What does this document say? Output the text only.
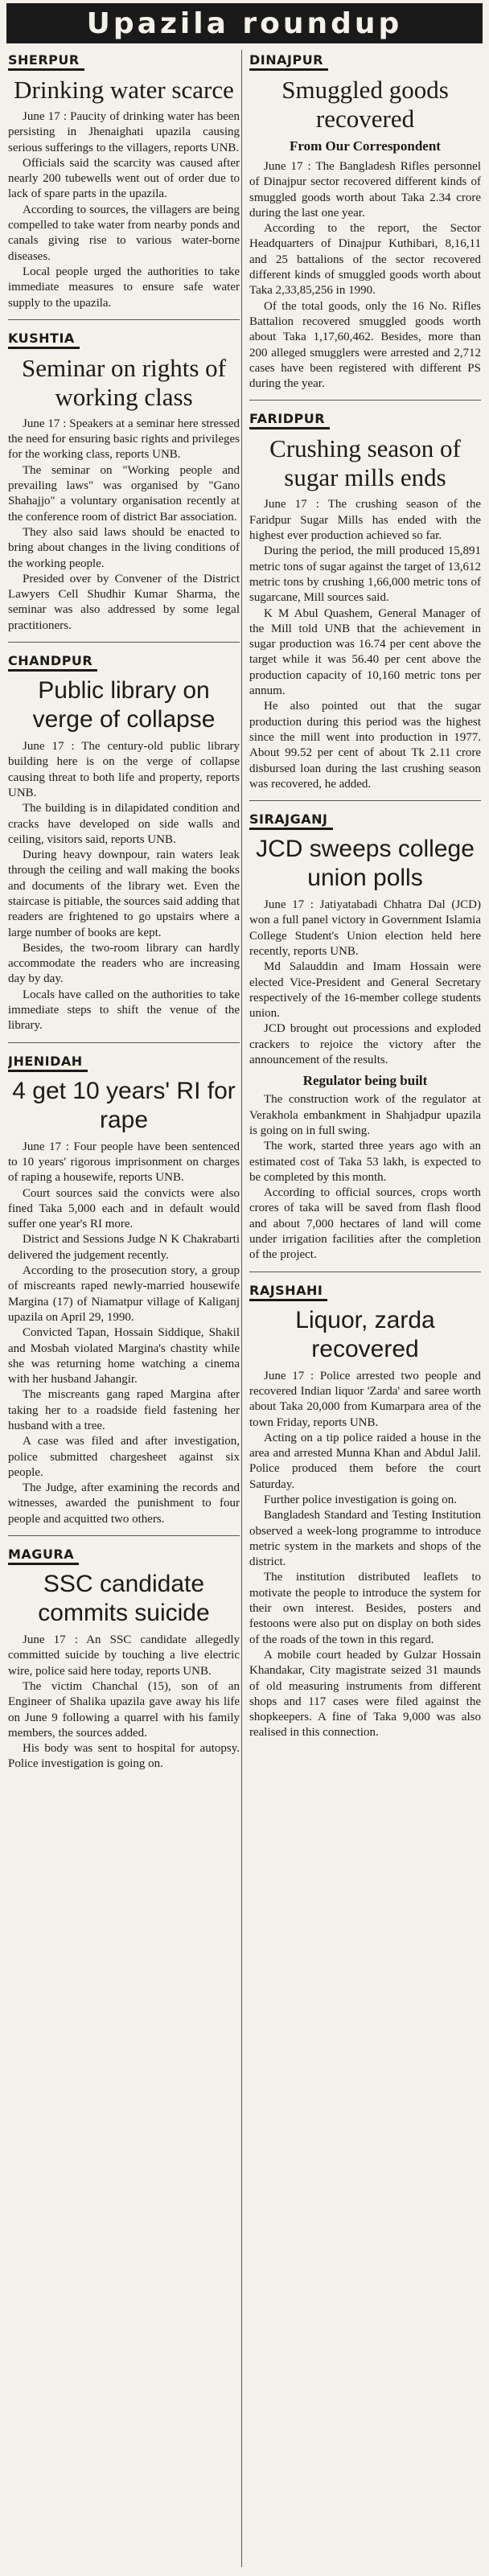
Upazila roundup
SHERPUR
Drinking water scarce

June 17 : Paucity of drinking water has been persisting in Jhenaighati upazila causing serious sufferings to the villagers, reports UNB.

Officials said the scarcity was caused after nearly 200 tubewells went out of order due to lack of spare parts in the upazila.

According to sources, the villagers are being compelled to take water from nearby ponds and canals giving rise to various water-borne diseases.

Local people urged the authorities to take immediate measures to ensure safe water supply to the upazila.

KUSHTIA
Seminar on rights of working class

June 17 : Speakers at a seminar here stressed the need for ensuring basic rights and privileges for the working class, reports UNB.

The seminar on "Working people and prevailing laws" was organised by "Gano Shahajjo" a voluntary organisation recently at the conference room of district Bar association.

They also said laws should be enacted to bring about changes in the living conditions of the working people.

Presided over by Convener of the District Lawyers Cell Shudhir Kumar Sharma, the seminar was also addressed by some legal practitioners.

CHANDPUR
Public library on verge of collapse

June 17 : The century-old public library building here is on the verge of collapse causing threat to both life and property, reports UNB.

The building is in dilapidated condition and cracks have developed on side walls and ceiling, visitors said, reports UNB.

During heavy downpour, rain waters leak through the ceiling and wall making the books and documents of the library wet. Even the staircase is pitiable, the sources said adding that readers are frightened to go upstairs where a large number of books are kept.

Besides, the two-room library can hardly accommodate the readers who are increasing day by day.

Locals have called on the authorities to take immediate steps to shift the venue of the library.

JHENIDAH
4 get 10 years' RI for rape

June 17 : Four people have been sentenced to 10 years' rigorous imprisonment on charges of raping a housewife, reports UNB.

Court sources said the convicts were also fined Taka 5,000 each and in default would suffer one year's RI more.

District and Sessions Judge N K Chakrabarti delivered the judgement recently.

According to the prosecution story, a group of miscreants raped newly-married housewife Margina (17) of Niamatpur village of Kaliganj upazila on April 29, 1990.

Convicted Tapan, Hossain Siddique, Shakil and Mosbah violated Margina's chastity while she was returning home watching a cinema with her husband Jahangir.

The miscreants gang raped Margina after taking her to a roadside field fastening her husband with a tree.

A case was filed and after investigation, police submitted chargesheet against six people.

The Judge, after examining the records and witnesses, awarded the punishment to four people and acquitted two others.

MAGURA
SSC candidate commits suicide

June 17 : An SSC candidate allegedly committed suicide by touching a live electric wire, police said here today, reports UNB.

The victim Chanchal (15), son of an Engineer of Shalika upazila gave away his life on June 9 following a quarrel with his family members, the sources added.

His body was sent to hospital for autopsy. Police investigation is going on.

DINAJPUR
Smuggled goods recovered
From Our Correspondent

June 17 : The Bangladesh Rifles personnel of Dinajpur sector recovered different kinds of smuggled goods worth about Taka 2.34 crore during the last one year.

According to the report, the Sector Headquarters of Dinajpur Kuthibari, 8,16,11 and 25 battalions of the sector recovered different kinds of smuggled goods worth about Taka 2,33,85,256 in 1990.

Of the total goods, only the 16 No. Rifles Battalion recovered smuggled goods worth about Taka 1,17,60,462. Besides, more than 200 alleged smugglers were arrested and 2,712 cases have been registered with different PS during the year.

FARIDPUR
Crushing season of sugar mills ends

June 17 : The crushing season of the Faridpur Sugar Mills has ended with the highest ever production achieved so far.

During the period, the mill produced 15,891 metric tons of sugar against the target of 13,612 metric tons by crushing 1,66,000 metric tons of sugarcane, Mill sources said.

K M Abul Quashem, General Manager of the Mill told UNB that the achievement in sugar production was 16.74 per cent above the target while it was 56.40 per cent above the production capacity of 10,160 metric tons per annum.

He also pointed out that the sugar production during this period was the highest since the mill went into production in 1977. About 99.52 per cent of about Tk 2.11 crore disbursed loan during the last crushing season was recovered, he added.

SIRAJGANJ
JCD sweeps college union polls

June 17 : Jatiyatabadi Chhatra Dal (JCD) won a full panel victory in Government Islamia College Student's Union election held here recently, reports UNB.

Md Salauddin and Imam Hossain were elected Vice-President and General Secretary respectively of the 16-member college students union.

JCD brought out processions and exploded crackers to rejoice the victory after the announcement of the results.

Regulator being built

The construction work of the regulator at Verakhola embankment in Shahjadpur upazila is going on in full swing.

The work, started three years ago with an estimated cost of Taka 53 lakh, is expected to be completed by this month.

According to official sources, crops worth crores of taka will be saved from flash flood and about 7,000 hectares of land will come under irrigation facilities after the completion of the project.

RAJSHAHI
Liquor, zarda recovered

June 17 : Police arrested two people and recovered Indian liquor 'Zarda' and saree worth about Taka 20,000 from Kumarpara area of the town Friday, reports UNB.

Acting on a tip police raided a house in the area and arrested Munna Khan and Abdul Jalil. Police produced them before the court Saturday.

Further police investigation is going on.

Bangladesh Standard and Testing Institution observed a week-long programme to introduce metric system in the markets and shops of the district.

The institution distributed leaflets to motivate the people to introduce the system for their own interest. Besides, posters and festoons were also put on display on both sides of the roads of the town in this regard.

A mobile court headed by Gulzar Hossain Khandakar, City magistrate seized 31 maunds of old measuring instruments from different shops and 117 cases were filed against the shopkeepers. A fine of Taka 9,000 was also realised in this connection.
